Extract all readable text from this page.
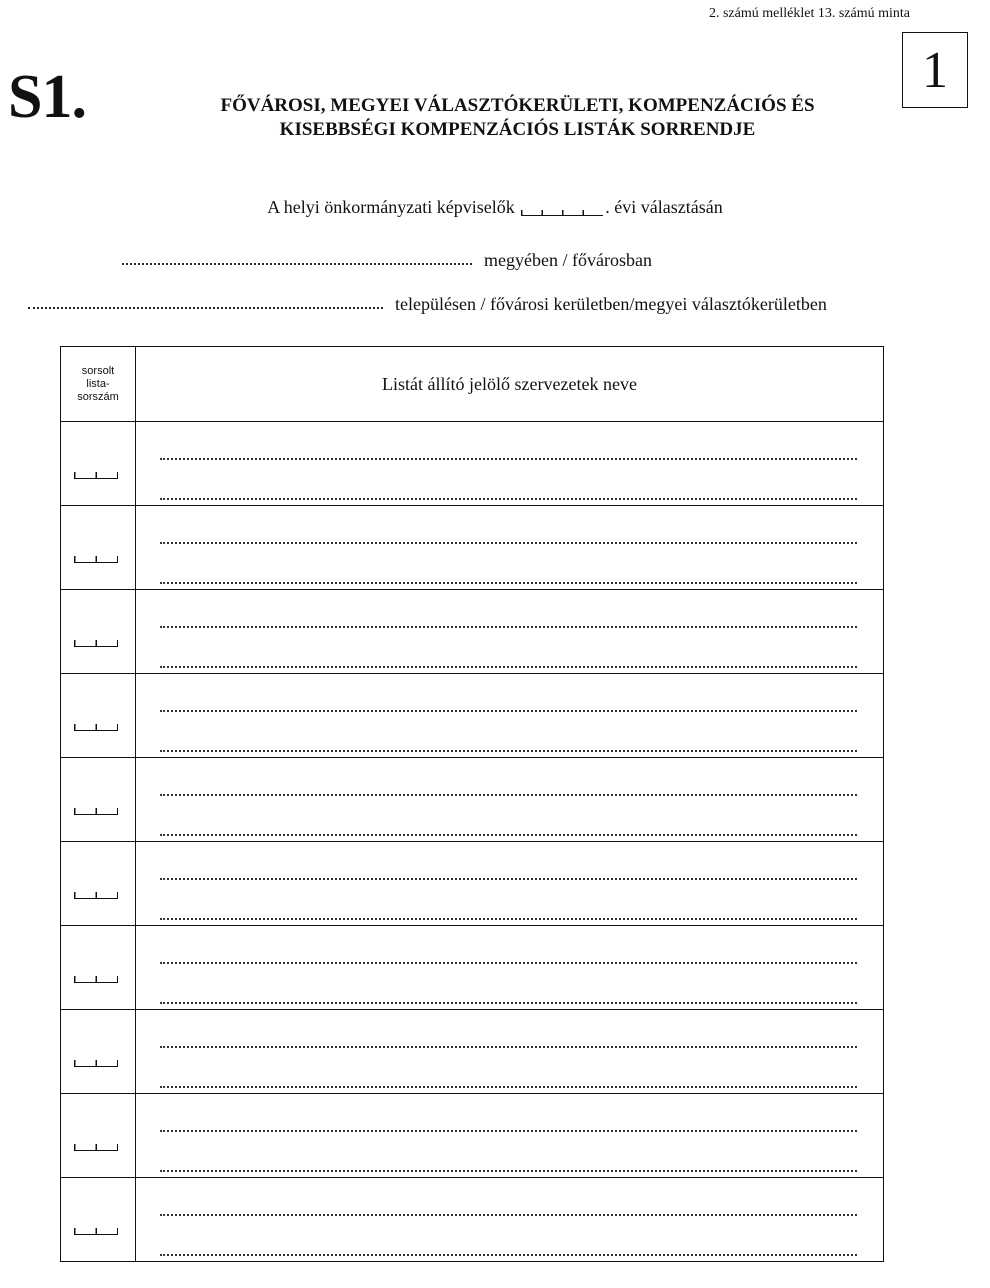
2. számú melléklet 13. számú minta
S1.	1
FŐVÁROSI, MEGYEI VÁLASZTÓKERÜLETI, KOMPENZÁCIÓS ÉS
KISEBBSÉGI KOMPENZÁCIÓS LISTÁK SORRENDJE
A helyi önkormányzati képviselők	. évi választásán
megyében / fővárosban
településen / fővárosi kerületben/megyei választókerületben
sorsolt
lista-
sorszám	Listát állító jelölő szervezetek neve
